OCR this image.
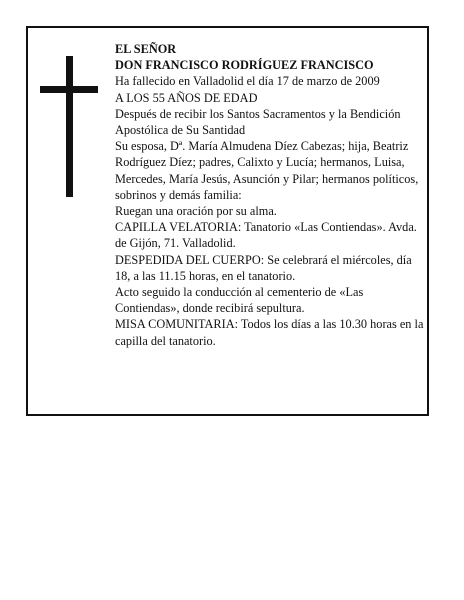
EL SEÑOR

DON FRANCISCO RODRÍGUEZ FRANCISCO

Ha fallecido en Valladolid el día 17 de marzo de 2009

A LOS 55 AÑOS DE EDAD

Después de recibir los Santos Sacramentos y la Bendición Apostólica de Su Santidad

Su esposa, Dª. María Almudena Díez Cabezas; hija, Beatriz Rodríguez Díez; padres, Calixto y Lucía; hermanos, Luisa, Mercedes, María Jesús, Asunción y Pilar; hermanos políticos, sobrinos y demás familia:

Ruegan una oración por su alma.

CAPILLA VELATORIA: Tanatorio «Las Contiendas». Avda. de Gijón, 71. Valladolid.

DESPEDIDA DEL CUERPO: Se celebrará el miércoles, día 18, a las 11.15 horas, en el tanatorio.

Acto seguido la conducción al cementerio de «Las Contiendas», donde recibirá sepultura.

MISA COMUNITARIA: Todos los días a las 10.30 horas en la capilla del tanatorio.
